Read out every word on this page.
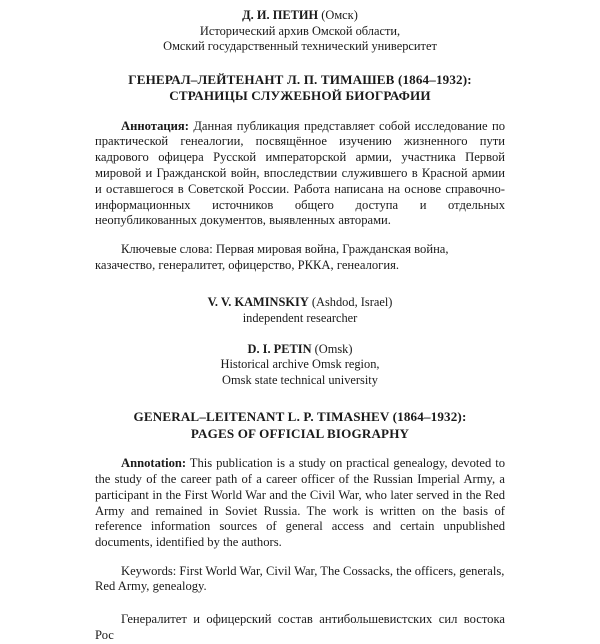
Д. И. ПЕТИН (Омск)
Исторический архив Омской области,
Омский государственный технический университет
ГЕНЕРАЛ–ЛЕЙТЕНАНТ Л. П. ТИМАШЕВ (1864–1932):
СТРАНИЦЫ СЛУЖЕБНОЙ БИОГРАФИИ

Аннотация: Данная публикация представляет собой исследование по практической генеалогии, посвящённое изучению жизненного пути кадрового офицера Русской императорской армии, участника Первой мировой и Гражданской войн, впоследствии служившего в Красной армии и оставшегося в Советской России. Работа написана на основе справочно-информационных источников общего доступа и отдельных неопубликованных документов, выявленных авторами.

Ключевые слова: Первая мировая война, Гражданская война, казачество, генералитет, офицерство, РККА, генеалогия.

V. V. KAMINSKIY (Ashdod, Israel)
independent researcher
D. I. PETIN (Omsk)
Historical archive Omsk region,
Omsk state technical university
GENERAL–LEITENANT L. P. TIMASHEV (1864–1932):
PAGES OF OFFICIAL BIOGRAPHY

Annotation: This publication is a study on practical genealogy, devoted to the study of the career path of a career officer of the Russian Imperial Army, a participant in the First World War and the Civil War, who later served in the Red Army and remained in Soviet Russia. The work is written on the basis of reference information sources of general access and certain unpublished documents, identified by the authors.

Keywords: First World War, Civil War, The Cossacks, the officers, generals, Red Army, genealogy.

Генералитет и офицерский состав антибольшевистских сил востока Рос
